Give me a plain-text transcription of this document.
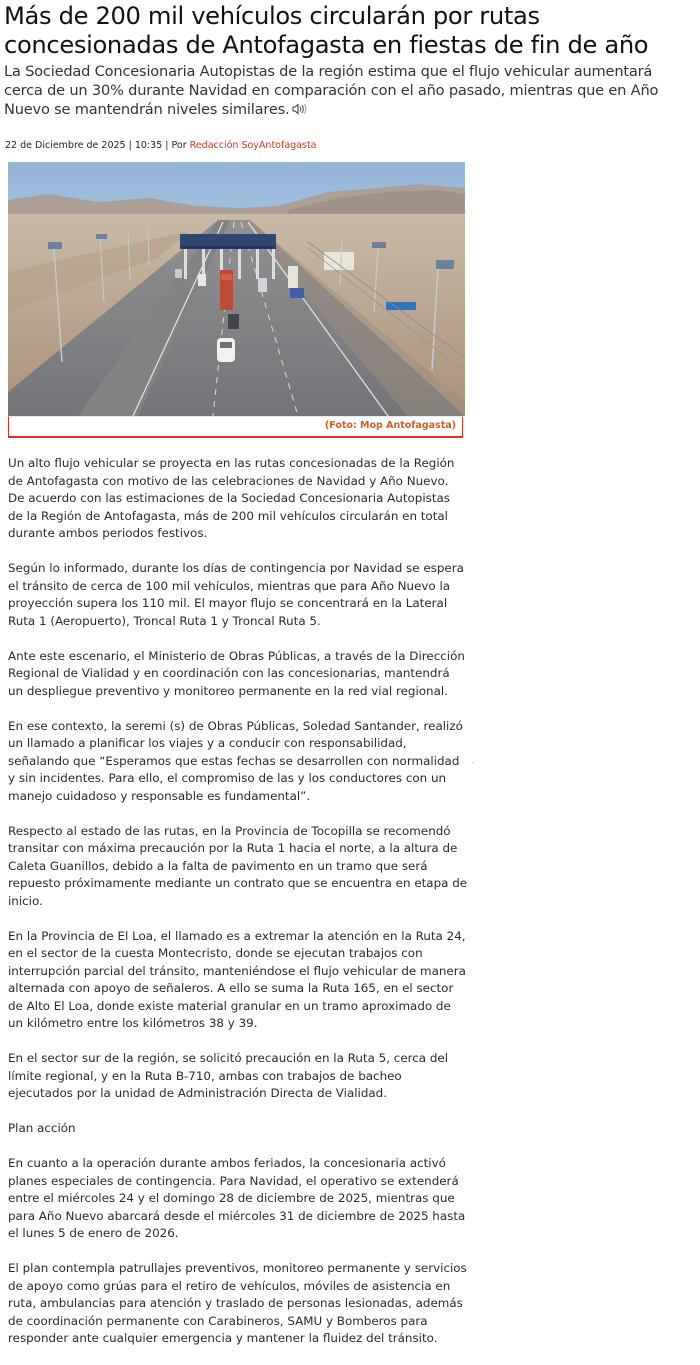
Más de 200 mil vehículos circularán por rutas concesionadas de Antofagasta en fiestas de fin de año

La Sociedad Concesionaria Autopistas de la región estima que el flujo vehicular aumentará cerca de un 30% durante Navidad en comparación con el año pasado, mientras que en Año Nuevo se mantendrán niveles similares.

22 de Diciembre de 2025 | 10:35 | Por Redacción SoyAntofagasta
(Foto: Mop Antofagasta)

Un alto flujo vehicular se proyecta en las rutas concesionadas de la Región de Antofagasta con motivo de las celebraciones de Navidad y Año Nuevo. De acuerdo con las estimaciones de la Sociedad Concesionaria Autopistas de la Región de Antofagasta, más de 200 mil vehículos circularán en total durante ambos periodos festivos.

Según lo informado, durante los días de contingencia por Navidad se espera el tránsito de cerca de 100 mil vehículos, mientras que para Año Nuevo la proyección supera los 110 mil. El mayor flujo se concentrará en la Lateral Ruta 1 (Aeropuerto), Troncal Ruta 1 y Troncal Ruta 5.

Ante este escenario, el Ministerio de Obras Públicas, a través de la Dirección Regional de Vialidad y en coordinación con las concesionarias, mantendrá un despliegue preventivo y monitoreo permanente en la red vial regional.

En ese contexto, la seremi (s) de Obras Públicas, Soledad Santander, realizó un llamado a planificar los viajes y a conducir con responsabilidad, señalando que “Esperamos que estas fechas se desarrollen con normalidad y sin incidentes. Para ello, el compromiso de las y los conductores con un manejo cuidadoso y responsable es fundamental”.

Respecto al estado de las rutas, en la Provincia de Tocopilla se recomendó transitar con máxima precaución por la Ruta 1 hacia el norte, a la altura de Caleta Guanillos, debido a la falta de pavimento en un tramo que será repuesto próximamente mediante un contrato que se encuentra en etapa de inicio.

En la Provincia de El Loa, el llamado es a extremar la atención en la Ruta 24, en el sector de la cuesta Montecristo, donde se ejecutan trabajos con interrupción parcial del tránsito, manteniéndose el flujo vehicular de manera alternada con apoyo de señaleros. A ello se suma la Ruta 165, en el sector de Alto El Loa, donde existe material granular en un tramo aproximado de un kilómetro entre los kilómetros 38 y 39.

En el sector sur de la región, se solicitó precaución en la Ruta 5, cerca del límite regional, y en la Ruta B-710, ambas con trabajos de bacheo ejecutados por la unidad de Administración Directa de Vialidad.

Plan acción

En cuanto a la operación durante ambos feriados, la concesionaria activó planes especiales de contingencia. Para Navidad, el operativo se extenderá entre el miércoles 24 y el domingo 28 de diciembre de 2025, mientras que para Año Nuevo abarcará desde el miércoles 31 de diciembre de 2025 hasta el lunes 5 de enero de 2026.

El plan contempla patrullajes preventivos, monitoreo permanente y servicios de apoyo como grúas para el retiro de vehículos, móviles de asistencia en ruta, ambulancias para atención y traslado de personas lesionadas, además de coordinación permanente con Carabineros, SAMU y Bomberos para responder ante cualquier emergencia y mantener la fluidez del tránsito.
